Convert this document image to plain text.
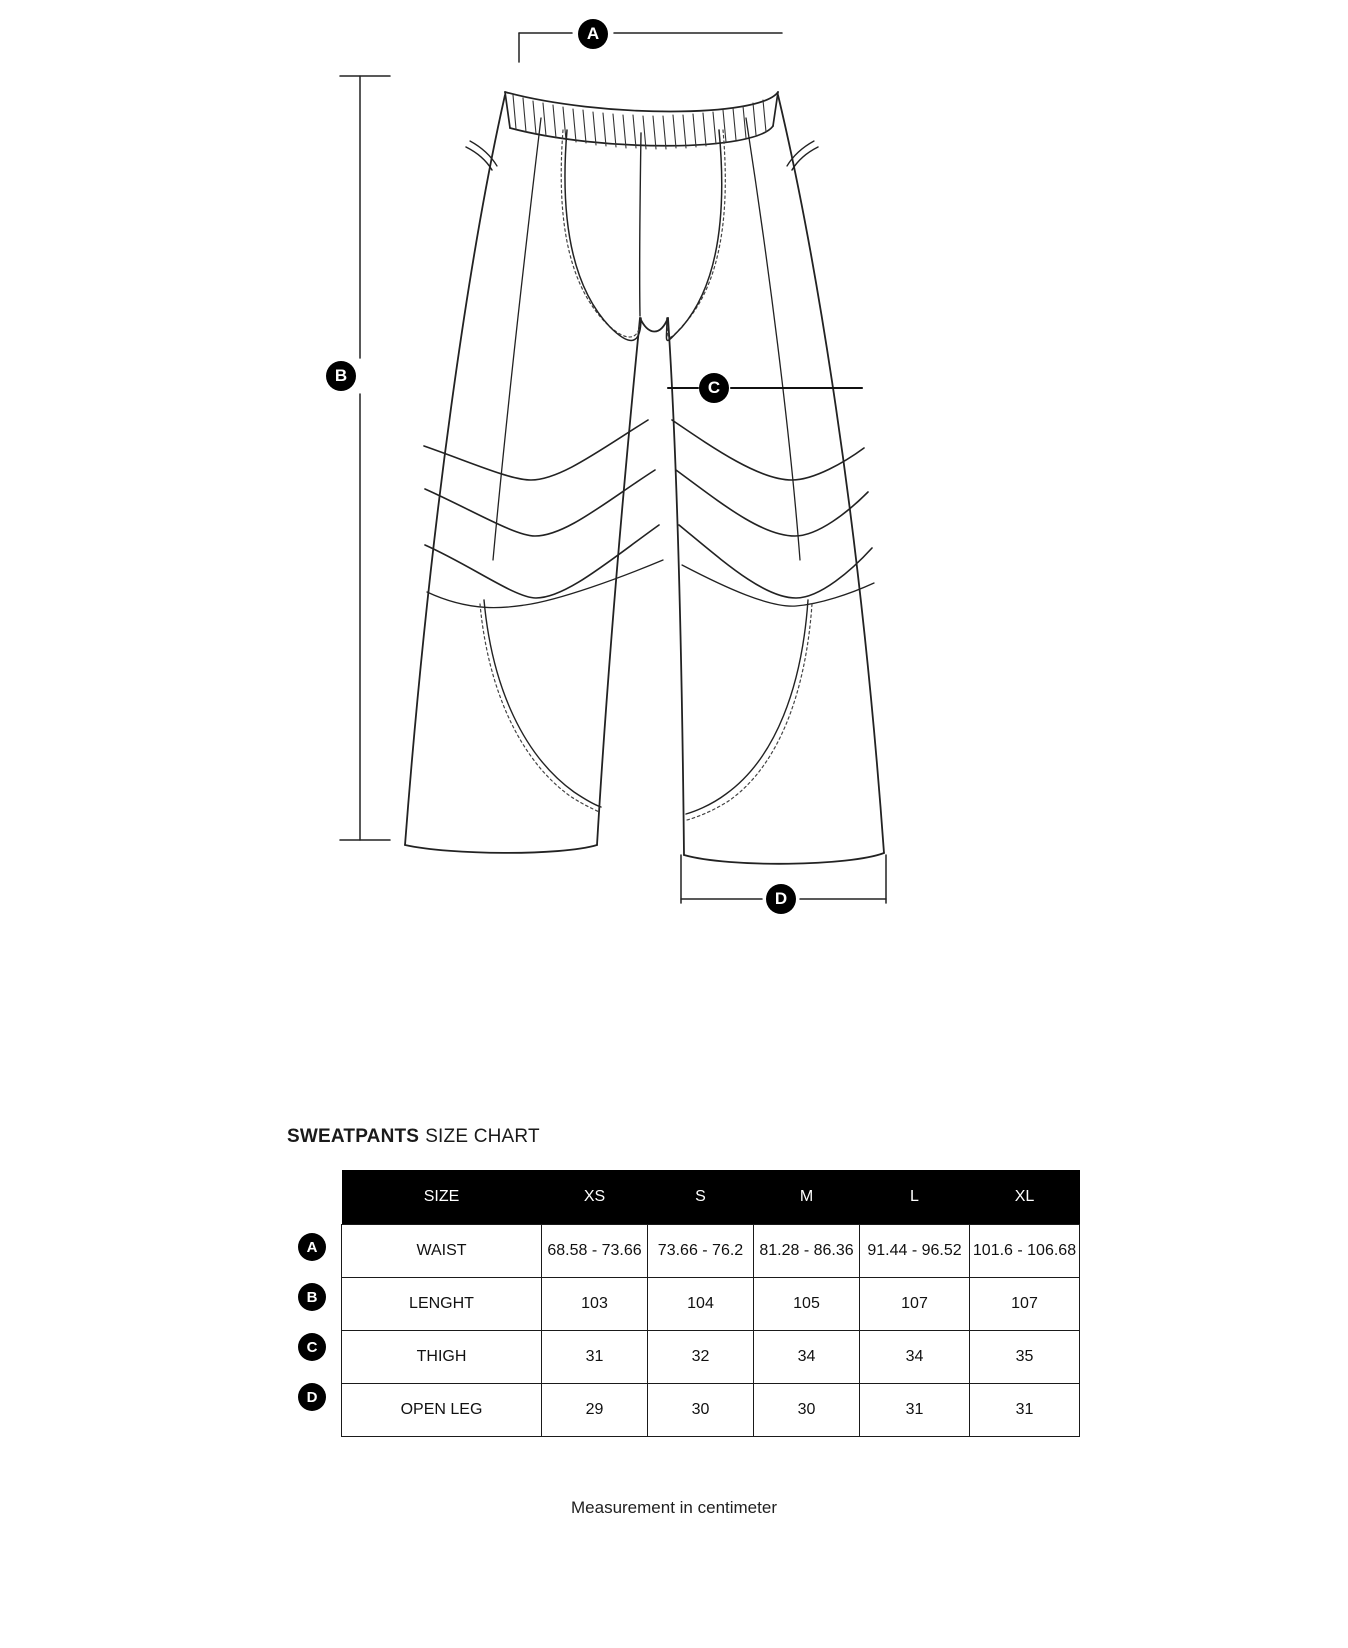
A
B
C
D
SWEATPANTS SIZE CHART
A
B
C
D
SIZE	XS	S	M	L	XL
WAIST	68.58 - 73.66	73.66 - 76.2	81.28 - 86.36	91.44 - 96.52	101.6 - 106.68
LENGHT	103	104	105	107	107
THIGH	31	32	34	34	35
OPEN LEG	29	30	30	31	31
Measurement in centimeter
